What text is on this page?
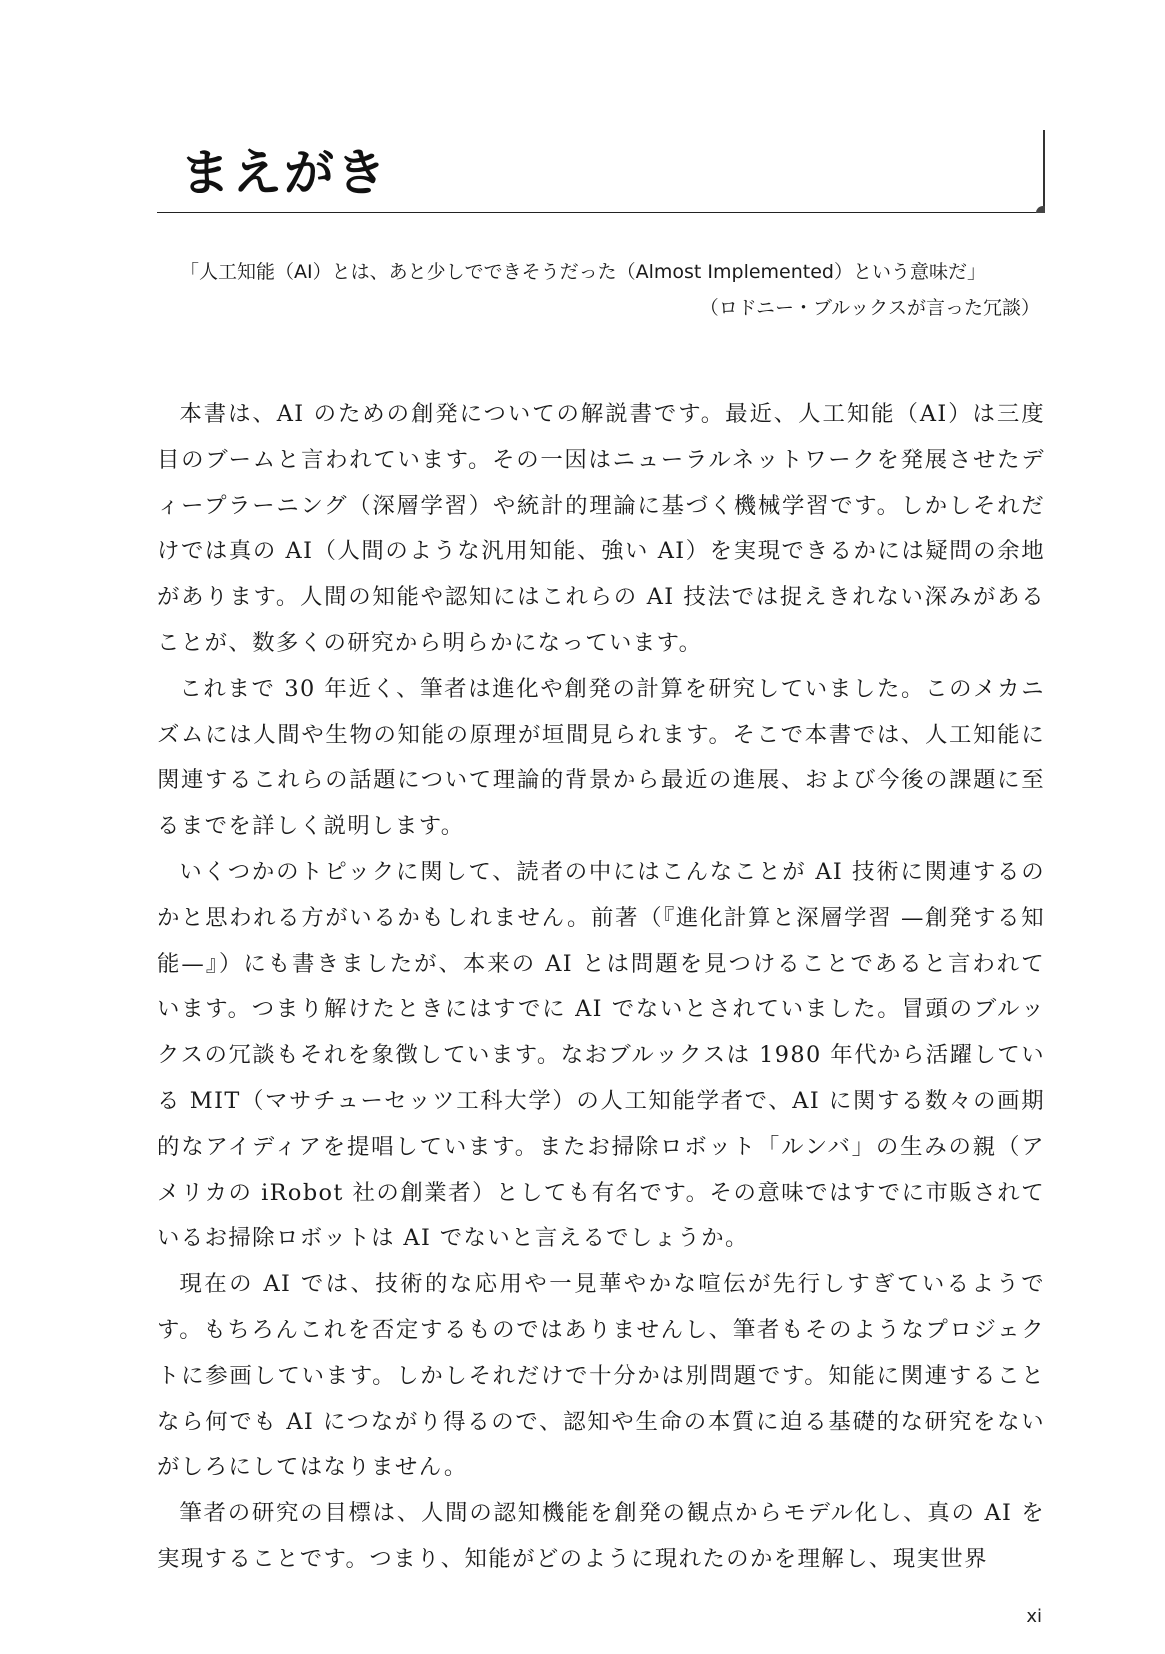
まえがき

「人工知能（AI）とは、あと少しでできそうだった（Almost Implemented）という意味だ」

（ロドニー・ブルックスが言った冗談）

本書は、AI のための創発についての解説書です。最近、人工知能（AI）は三度目のブームと言われています。その一因はニューラルネットワークを発展させたディープラーニング（深層学習）や統計的理論に基づく機械学習です。しかしそれだけでは真の AI（人間のような汎用知能、強い AI）を実現できるかには疑問の余地があります。人間の知能や認知にはこれらの AI 技法では捉えきれない深みがあることが、数多くの研究から明らかになっています。

これまで 30 年近く、筆者は進化や創発の計算を研究していました。このメカニズムには人間や生物の知能の原理が垣間見られます。そこで本書では、人工知能に関連するこれらの話題について理論的背景から最近の進展、および今後の課題に至るまでを詳しく説明します。

いくつかのトピックに関して、読者の中にはこんなことが AI 技術に関連するのかと思われる方がいるかもしれません。前著（『進化計算と深層学習 —創発する知能—』）にも書きましたが、本来の AI とは問題を見つけることであると言われています。つまり解けたときにはすでに AI でないとされていました。冒頭のブルックスの冗談もそれを象徴しています。なおブルックスは 1980 年代から活躍している MIT（マサチューセッツ工科大学）の人工知能学者で、AI に関する数々の画期的なアイディアを提唱しています。またお掃除ロボット「ルンバ」の生みの親（アメリカの iRobot 社の創業者）としても有名です。その意味ではすでに市販されているお掃除ロボットは AI でないと言えるでしょうか。

現在の AI では、技術的な応用や一見華やかな喧伝が先行しすぎているようです。もちろんこれを否定するものではありませんし、筆者もそのようなプロジェクトに参画しています。しかしそれだけで十分かは別問題です。知能に関連することなら何でも AI につながり得るので、認知や生命の本質に迫る基礎的な研究をないがしろにしてはなりません。

筆者の研究の目標は、人間の認知機能を創発の観点からモデル化し、真の AI を実現することです。つまり、知能がどのように現れたのかを理解し、現実世界

xi
